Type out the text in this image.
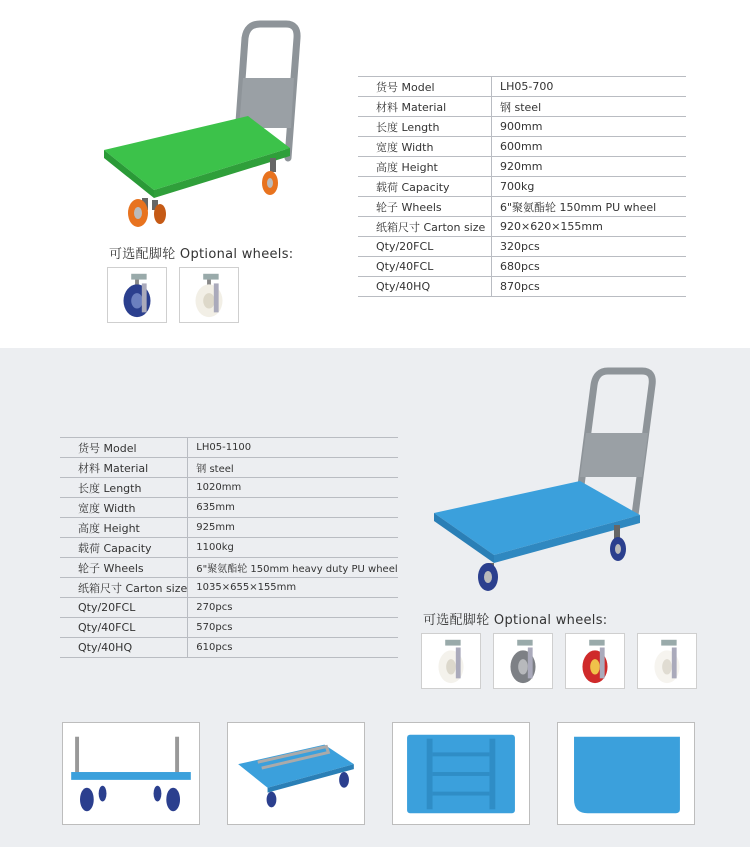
货号 Model	LH05-700
材料 Material	钢 steel
长度 Length	900mm
宽度 Width	600mm
高度 Height	920mm
载荷 Capacity	700kg
轮子 Wheels	6"聚氨酯轮 150mm PU wheel
纸箱尺寸 Carton size	920×620×155mm
Qty/20FCL	320pcs
Qty/40FCL	680pcs
Qty/40HQ	870pcs
可选配脚轮 Optional wheels:
货号 Model	LH05-1100
材料 Material	钢 steel
长度 Length	1020mm
宽度 Width	635mm
高度 Height	925mm
载荷 Capacity	1100kg
轮子 Wheels	6"聚氨酯轮 150mm heavy duty PU wheel
纸箱尺寸 Carton size	1035×655×155mm
Qty/20FCL	270pcs
Qty/40FCL	570pcs
Qty/40HQ	610pcs
可选配脚轮 Optional wheels:
